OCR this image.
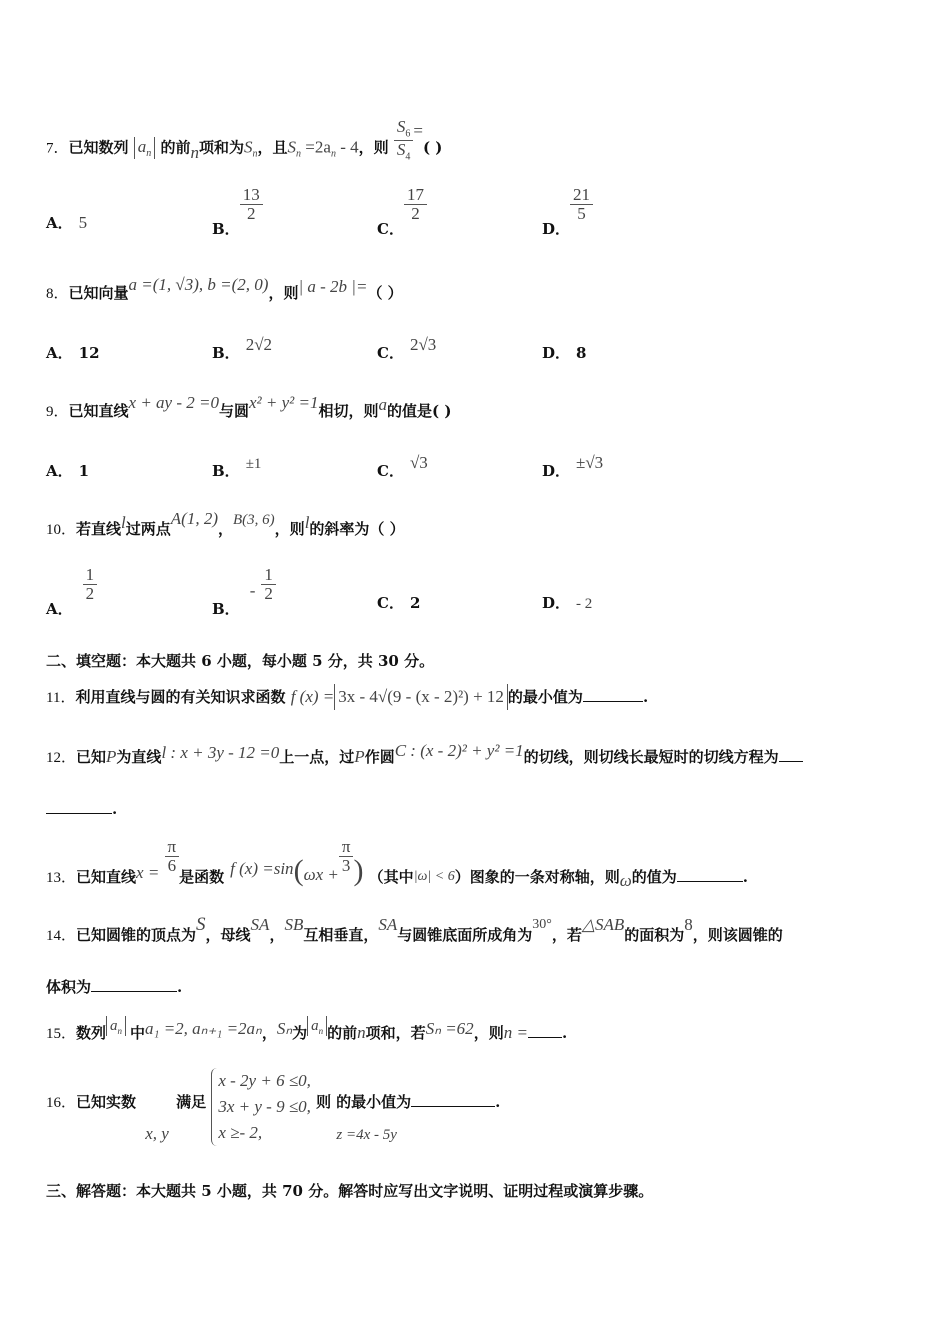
7．已知数列 $a_n$ 的前n项和为$S_n$，且$S_n =2a_n - 4$，则 $\frac{S_6}{S_4}$ =( )
A． 5	B．
$\frac{13}{2}$
C．
$\frac{17}{2}$
D．
$\frac{21}{5}$
8．已知向量a =(1, √3), b =(2, 0)，则| a - 2b |=（ ）
A． 12	B． 2√2	C． 2√3	D． 8
9．已知直线x + ay - 2 =0与圆x² + y² =1相切，则a的值是( )
A． 1	B． ±1	C． √3	D． ±√3
10．若直线l过两点A(1, 2)，B(3, 6)，则l的斜率为（ ）
A．
$\frac{1}{2}$
B．- $\frac{1}{2}$
C． 2	D． - 2
二、填空题：本大题共 6 小题，每小题 5 分，共 30 分。
11．利用直线与圆的有关知识求函数 f (x) = 3x - 4√(9 - (x - 2)²) + 12 的最小值为	.
12．已知P为直线l : x + 3y - 12 =0上一点，过P作圆C : (x - 2)² + y² =1的切线，则切线长最短时的切线方程为
.
13．已知直线$x = \frac{\pi}{6}$
是函数 f (x) =sin(ωx +
$\frac{\pi}{3}$ ) （其中|ω| < 6）图象的一条对称轴，则ω的值为	.
14．已知圆锥的顶点为S，母线SA，SB互相垂直，SA与圆锥底面所成角为30°，若△SAB的面积为8，则该圆锥的
体积为	.
15．数列 $a_n$ 中a₁ =2, aₙ₊₁ =2aₙ，Sₙ为 $a_n$ 的前n项和，若Sₙ =62，则n = .
16．已知实数 x, y 满足
x - 2y + 6 ≤0,
3x + y - 9 ≤0,
x ≥- 2,
则 z =4x - 5y 的最小值为	.
三、解答题：本大题共 5 小题，共 70 分。解答时应写出文字说明、证明过程或演算步骤。
